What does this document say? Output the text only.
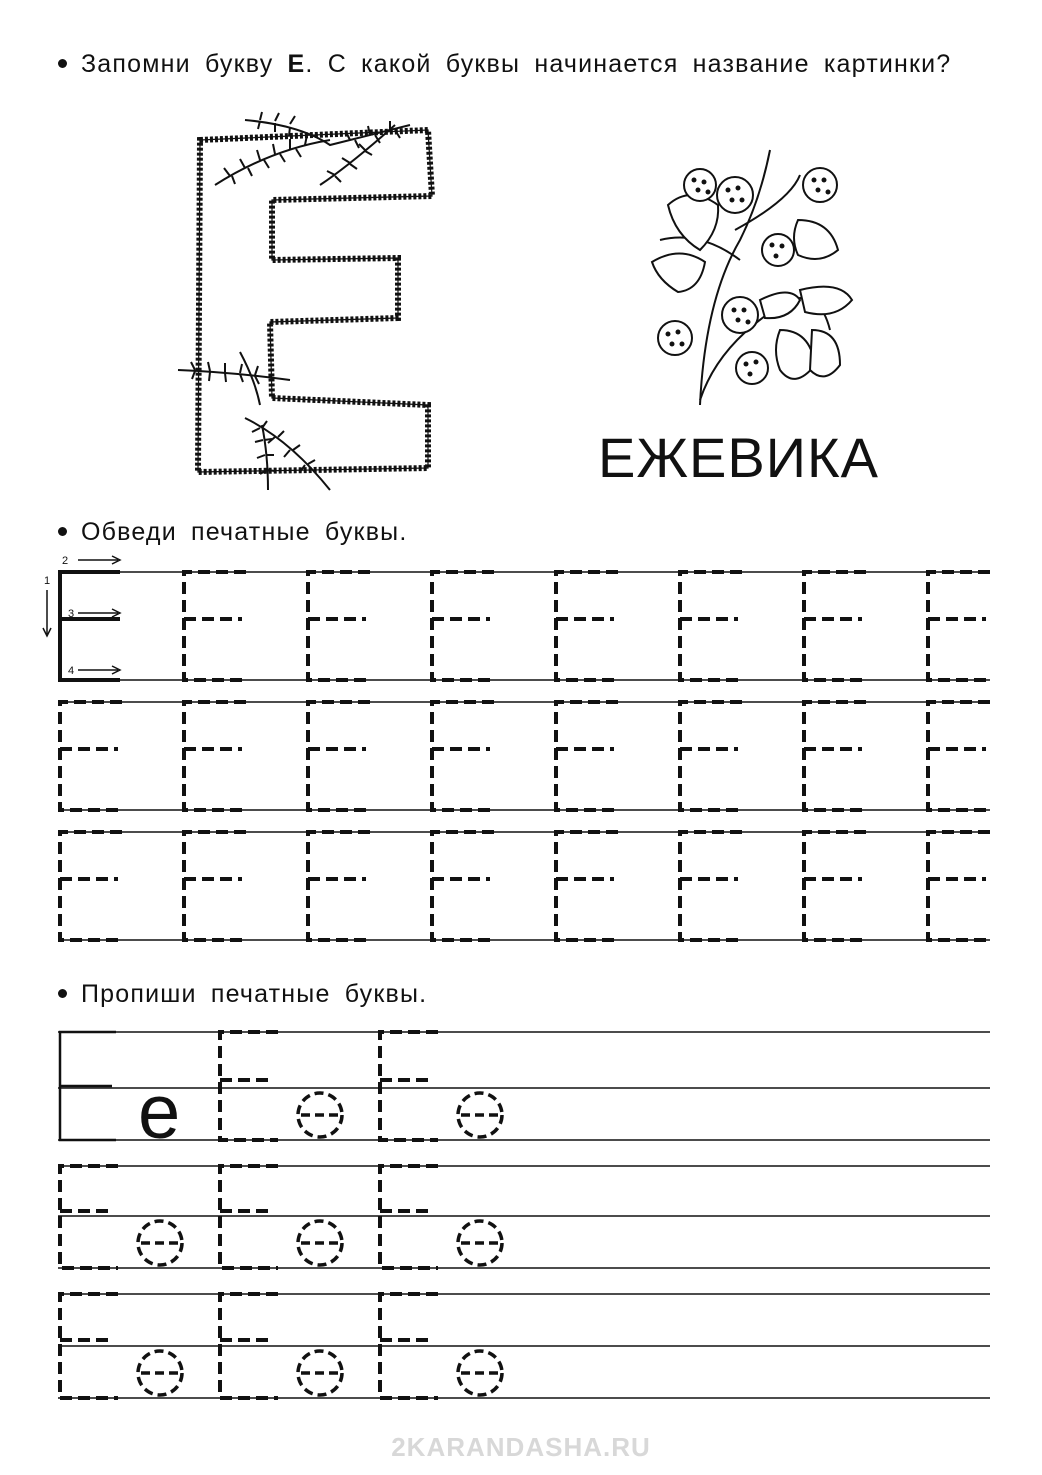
Запомни букву Е. С какой буквы начинается название картинки?
ЕЖЕВИКА
Обведи печатные буквы.
1
2
3
4
Пропиши печатные буквы.
е
2KARANDASHA.RU
